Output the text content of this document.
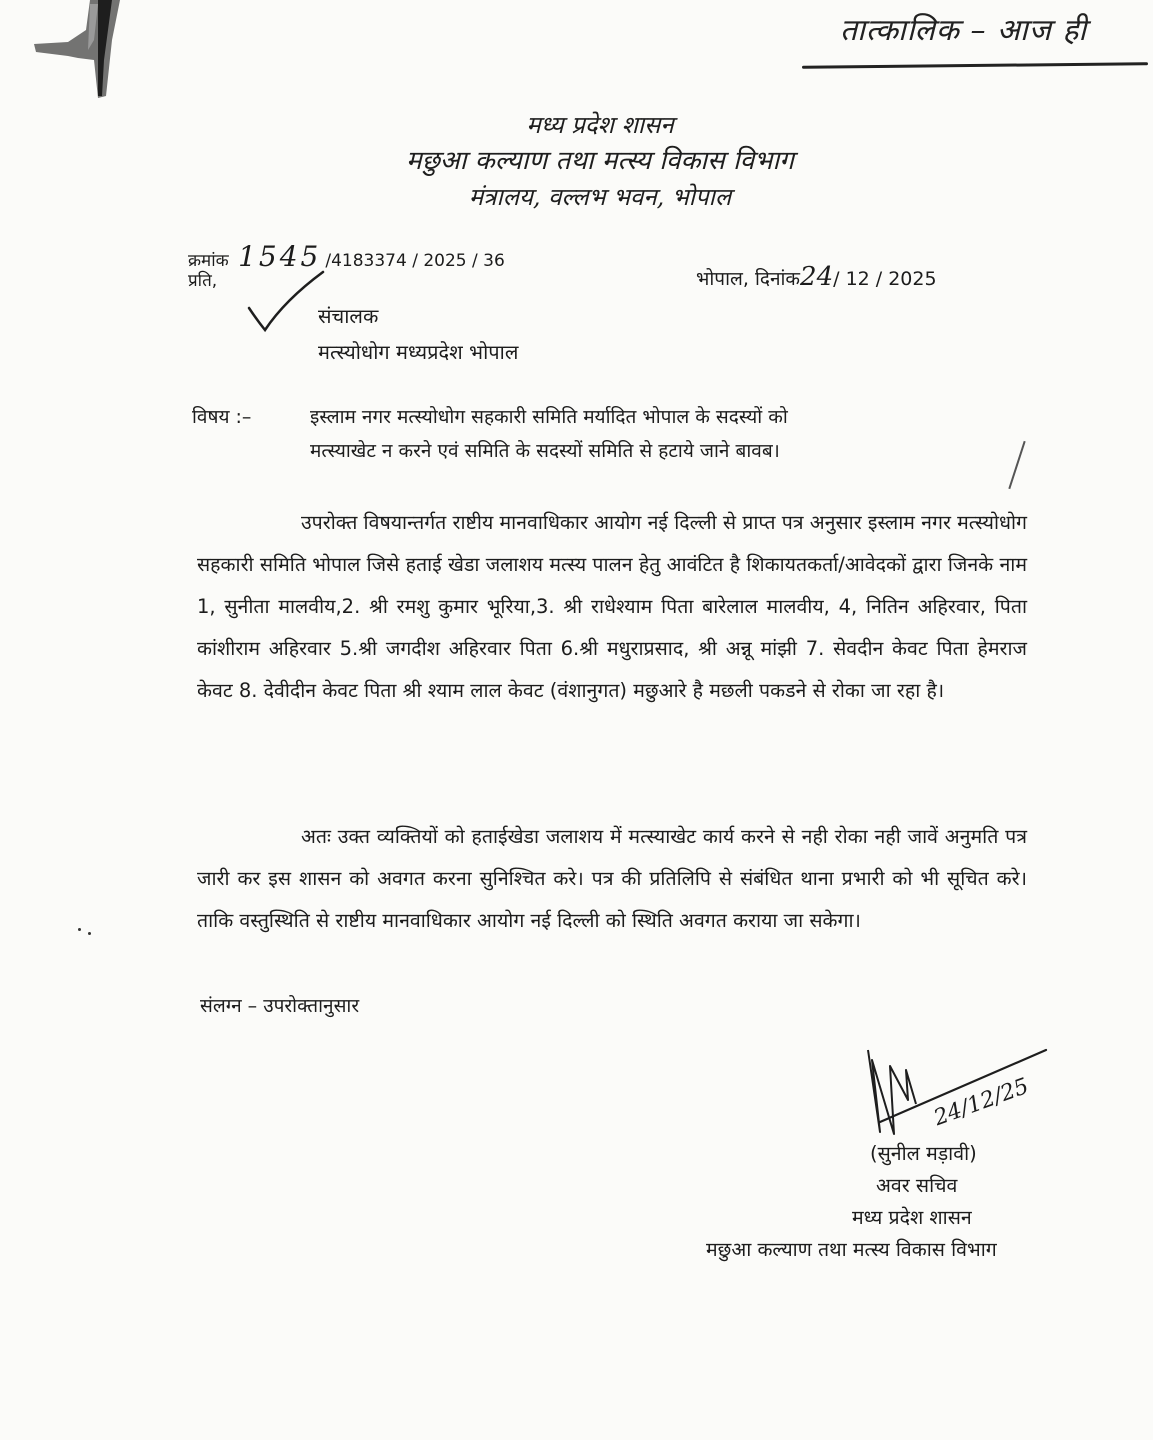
तात्कालिक – आज ही
मध्य प्रदेश शासन
मछुआ कल्याण तथा मत्स्य विकास विभाग
मंत्रालय, वल्लभ भवन, भोपाल
क्रमांक 1545 /4183374 / 2025 / 36
प्रति,	भोपाल, दिनांक24/ 12 / 2025
संचालक
मत्स्योधोग मध्यप्रदेश भोपाल
विषय :–	इस्लाम नगर मत्स्योधोग सहकारी समिति मर्यादित भोपाल के सदस्यों को
मत्स्याखेट न करने एवं समिति के सदस्यों समिति से हटाये जाने बावब।
उपरोक्त विषयान्तर्गत राष्टीय मानवाधिकार आयोग नई दिल्ली से प्राप्त पत्र अनुसार इस्लाम नगर मत्स्योधोग सहकारी समिति भोपाल जिसे हताई खेडा जलाशय मत्स्य पालन हेतु आवंटित है शिकायतकर्ता/आवेदकों द्वारा जिनके नाम 1, सुनीता मालवीय,2. श्री रमशु कुमार भूरिया,3. श्री राधेश्याम पिता बारेलाल मालवीय, 4, नितिन अहिरवार, पिता कांशीराम अहिरवार 5.श्री जगदीश अहिरवार पिता 6.श्री मधुराप्रसाद, श्री अन्नू मांझी 7. सेवदीन केवट पिता हेमराज केवट 8. देवीदीन केवट पिता श्री श्याम लाल केवट (वंशानुगत) मछुआरे है मछली पकडने से रोका जा रहा है।
अतः उक्त व्यक्तियों को हताईखेडा जलाशय में मत्स्याखेट कार्य करने से नही रोका नही जावें अनुमति पत्र जारी कर इस शासन को अवगत करना सुनिश्चित करे। पत्र की प्रतिलिपि से संबंधित थाना प्रभारी को भी सूचित करे। ताकि वस्तुस्थिति से राष्टीय मानवाधिकार आयोग नई दिल्ली को स्थिति अवगत कराया जा सकेगा।
संलग्न – उपरोक्तानुसार
24/12/25
(सुनील मड़ावी)
अवर सचिव
मध्य प्रदेश शासन
मछुआ कल्याण तथा मत्स्य विकास विभाग
